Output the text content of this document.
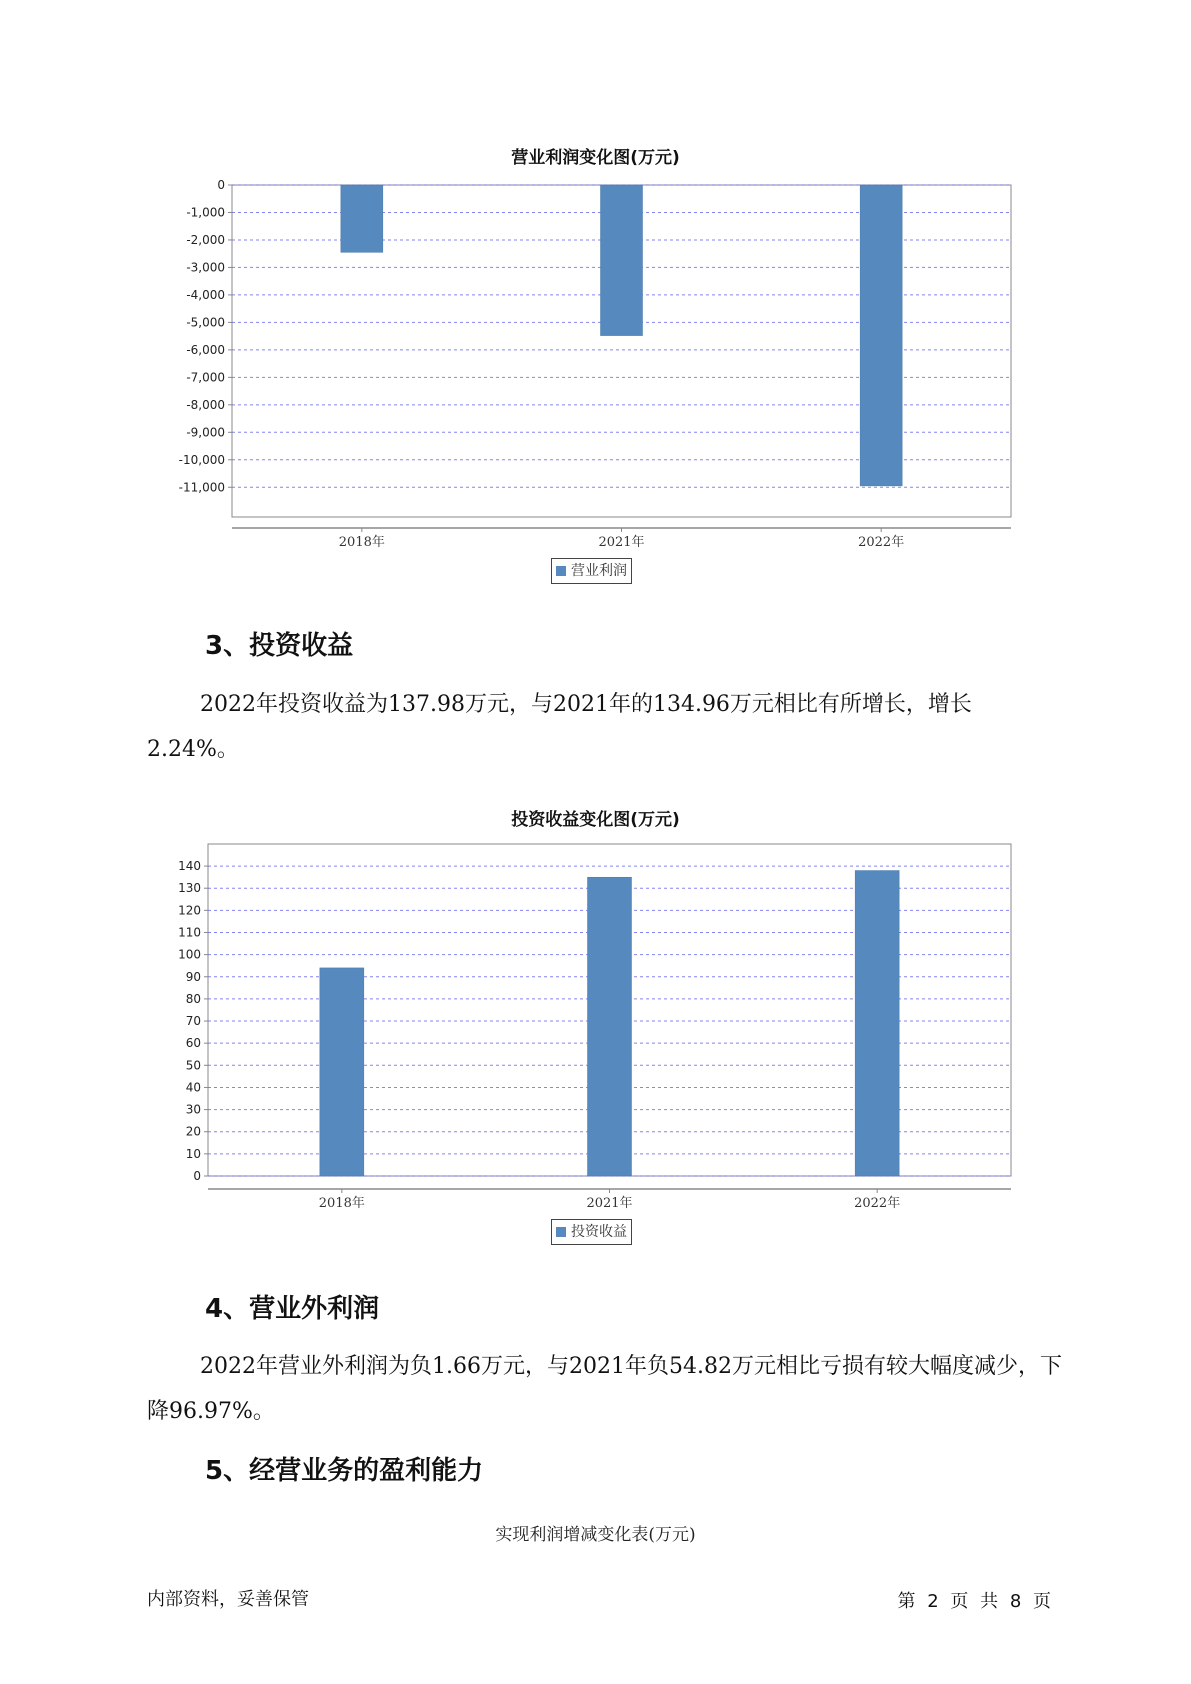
营业利润变化图(万元)
0
-1,000
-2,000
-3,000
-4,000
-5,000
-6,000
-7,000
-8,000
-9,000
-10,000
-11,000
2018年	2021年	2022年
营业利润
3、投资收益

2022年投资收益为137.98万元，与2021年的134.96万元相比有所增长，增长2.24%。

投资收益变化图(万元)
0
10
20
30
40
50
60
70
80
90
100
110
120
130
140
2018年	2021年	2022年
投资收益
4、营业外利润

2022年营业外利润为负1.66万元，与2021年负54.82万元相比亏损有较大幅度减少，下降96.97%。

5、经营业务的盈利能力
实现利润增减变化表(万元)
内部资料，妥善保管	第 2 页 共 8 页
